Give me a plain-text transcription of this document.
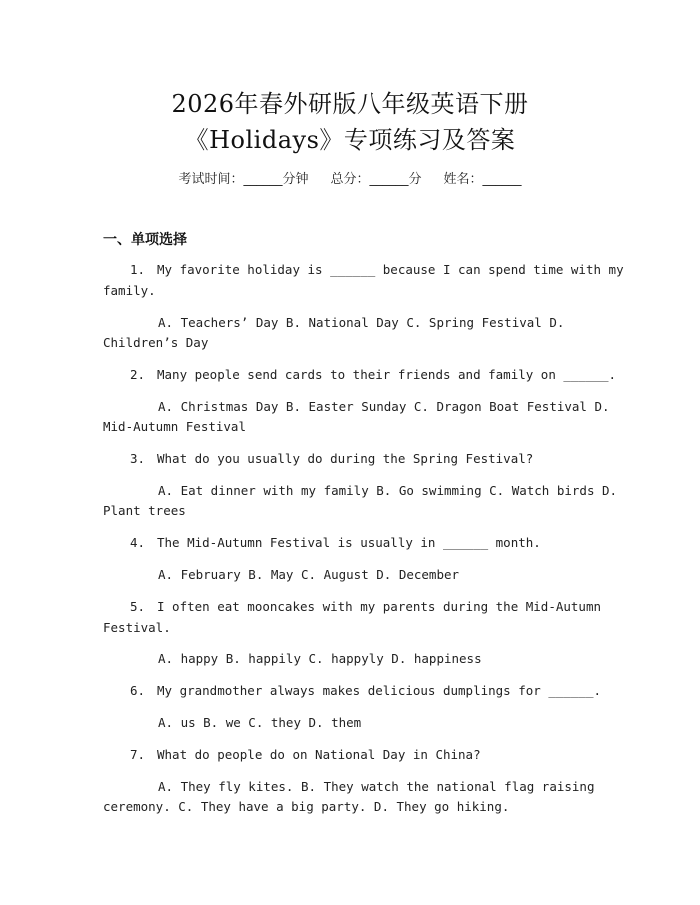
2026年春外研版八年级英语下册
《Holidays》专项练习及答案
考试时间：______分钟 总分：______分 姓名：______
一、单项选择
1. My favorite holiday is ______ because I can spend time with my
family.
A. Teachers’ Day B. National Day C. Spring Festival D.
Children’s Day
2. Many people send cards to their friends and family on ______.
A. Christmas Day B. Easter Sunday C. Dragon Boat Festival D.
Mid-Autumn Festival
3. What do you usually do during the Spring Festival?
A. Eat dinner with my family B. Go swimming C. Watch birds D.
Plant trees
4. The Mid-Autumn Festival is usually in ______ month.
A. February B. May C. August D. December
5. I often eat mooncakes with my parents during the Mid-Autumn
Festival.
A. happy B. happily C. happyly D. happiness
6. My grandmother always makes delicious dumplings for ______.
A. us B. we C. they D. them
7. What do people do on National Day in China?
A. They fly kites. B. They watch the national flag raising
ceremony. C. They have a big party. D. They go hiking.
